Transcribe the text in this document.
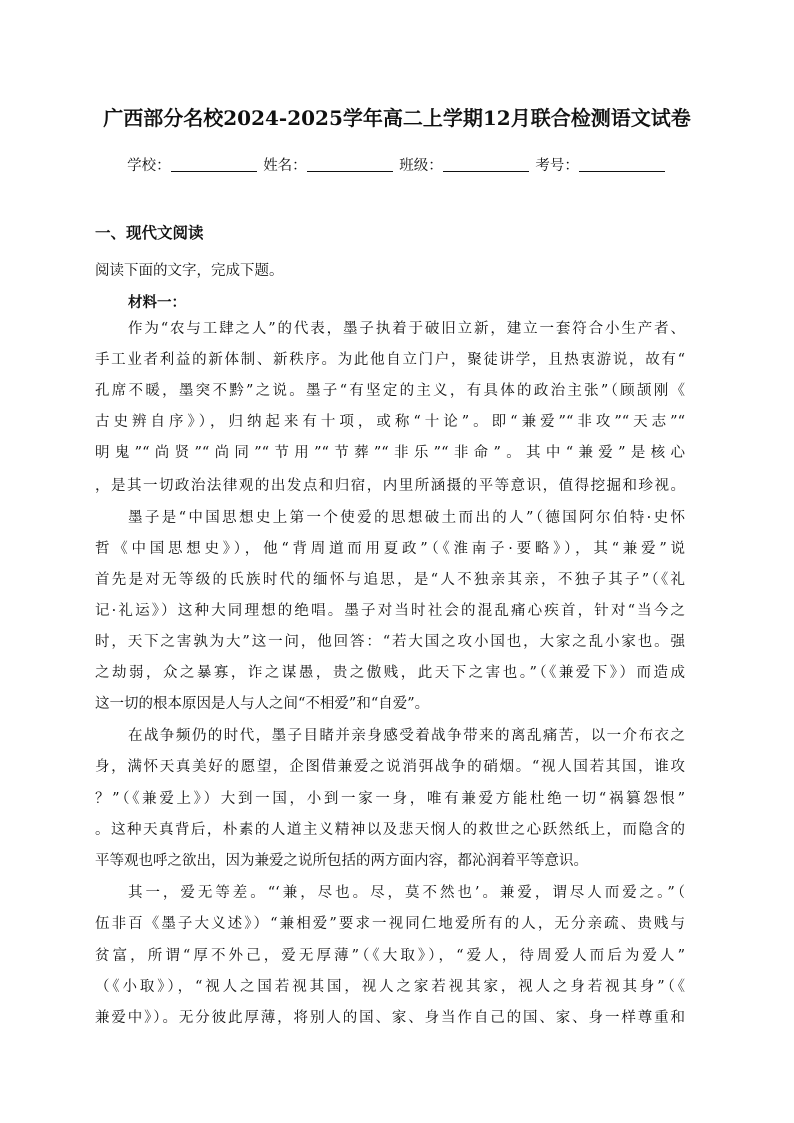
广西部分名校2024-2025学年高二上学期12月联合检测语文试卷
学校：	姓名：	班级：	考号：
一、现代文阅读
阅读下面的文字，完成下题。
材料一：
作为“农与工肆之人”的代表，墨子执着于破旧立新，建立一套符合小生产者、
手工业者利益的新体制、新秩序。为此他自立门户，聚徒讲学，且热衷游说，故有“
孔席不暖，墨突不黔”之说。墨子“有坚定的主义，有具体的政治主张”（顾颉刚《
古史辨自序》），归纳起来有十项，或称“十论”。即“兼爱”“非攻”“天志”“
明鬼”“尚贤”“尚同”“节用”“节葬”“非乐”“非命”。其中“兼爱”是核心
，是其一切政治法律观的出发点和归宿，内里所涵摄的平等意识，值得挖掘和珍视。
墨子是“中国思想史上第一个使爱的思想破土而出的人”（德国阿尔伯特·史怀
哲《中国思想史》），他“背周道而用夏政”（《淮南子·要略》），其“兼爱”说
首先是对无等级的氏族时代的缅怀与追思，是“人不独亲其亲，不独子其子”（《礼
记·礼运》）这种大同理想的绝唱。墨子对当时社会的混乱痛心疾首，针对“当今之
时，天下之害孰为大”这一问，他回答：“若大国之攻小国也，大家之乱小家也。强
之劫弱，众之暴寡，诈之谋愚，贵之傲贱，此天下之害也。”（《兼爱下》）而造成
这一切的根本原因是人与人之间“不相爱”和“自爱”。
在战争频仍的时代，墨子目睹并亲身感受着战争带来的离乱痛苦，以一介布衣之
身，满怀天真美好的愿望，企图借兼爱之说消弭战争的硝烟。“视人国若其国，谁攻
？”（《兼爱上》）大到一国，小到一家一身，唯有兼爱方能杜绝一切“祸篡怨恨”
。这种天真背后，朴素的人道主义精神以及悲天悯人的救世之心跃然纸上，而隐含的
平等观也呼之欲出，因为兼爱之说所包括的两方面内容，都沁润着平等意识。
其一，爱无等差。“‘兼，尽也。尽，莫不然也’。兼爱，谓尽人而爱之。”（
伍非百《墨子大义述》）“兼相爱”要求一视同仁地爱所有的人，无分亲疏、贵贱与
贫富，所谓“厚不外己，爱无厚薄”（《大取》），“爱人，待周爱人而后为爱人”
（《小取》），“视人之国若视其国，视人之家若视其家，视人之身若视其身”（《
兼爱中》）。无分彼此厚薄，将别人的国、家、身当作自己的国、家、身一样尊重和
